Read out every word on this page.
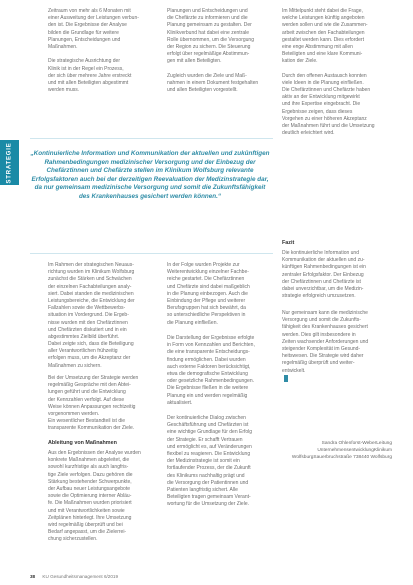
STRATEGIE
Zeitraum von mehr als 6 Monaten mit
einer Ausweitung der Leistungen verbun-
den ist. Die Ergebnisse der Analyse
bilden die Grundlage für weitere
Planungen, Entscheidungen und
Maßnahmen.

Die strategische Ausrichtung der
Klinik ist in der Regel ein Prozess,
der sich über mehrere Jahre erstreckt
und mit allen Beteiligten abgestimmt
werden muss.
Planungen und Entscheidungen und
die Chefärzte zu informieren und die
Planung gemeinsam zu gestalten. Der
Klinikverbund hat dabei eine zentrale
Rolle übernommen, um die Versorgung
der Region zu sichern. Die Steuerung
erfolgt über regelmäßige Abstimmun-
gen mit allen Beteiligten.

Zugleich wurden die Ziele und Maß-
nahmen in einem Dokument festgehalten
und allen Beteiligten vorgestellt.
Im Mittelpunkt steht dabei die Frage,
welche Leistungen künftig angeboten
werden sollen und wie die Zusammen-
arbeit zwischen den Fachabteilungen
gestaltet werden kann. Dies erfordert
eine enge Abstimmung mit allen
Beteiligten und eine klare Kommuni-
kation der Ziele.

Durch den offenen Austausch konnten
viele Ideen in die Planung einfließen.
Die Chefärztinnen und Chefärzte haben
aktiv an der Entwicklung mitgewirkt
und ihre Expertise eingebracht. Die
Ergebnisse zeigen, dass dieses
Vorgehen zu einer höheren Akzeptanz
der Maßnahmen führt und die Umsetzung
deutlich erleichtert wird.
„Kontinuierliche Information und Kommunikation der aktuellen und zukünftigen Rahmenbedingungen medizinischer Versorgung und der Einbezug der Chefärztinnen und Chefärzte stellen im Klinikum Wolfsburg relevante Erfolgsfaktoren auch bei der derzeitigen Reevaluation der Medizinstrategie dar, da nur gemeinsam medizinische Versorgung und somit die Zukunftsfähigkeit des Krankenhauses gesichert werden können.“
Im Rahmen der strategischen Neuaus-
richtung wurden im Klinikum Wolfsburg
zunächst die Stärken und Schwächen
der einzelnen Fachabteilungen analy-
siert. Dabei standen die medizinischen
Leistungsbereiche, die Entwicklung der
Fallzahlen sowie die Wettbewerbs-
situation im Vordergrund. Die Ergeb-
nisse wurden mit den Chefärztinnen
und Chefärzten diskutiert und in ein
abgestimmtes Zielbild überführt.
Dabei zeigte sich, dass die Beteiligung
aller Verantwortlichen frühzeitig
erfolgen muss, um die Akzeptanz der
Maßnahmen zu sichern.
Bei der Umsetzung der Strategie werden
regelmäßig Gespräche mit den Abtei-
lungen geführt und die Entwicklung
der Kennzahlen verfolgt. Auf diese
Weise können Anpassungen rechtzeitig
vorgenommen werden.
Ein wesentlicher Bestandteil ist die
transparente Kommunikation der Ziele.
Ableitung von Maßnahmen
Aus den Ergebnissen der Analyse wurden
konkrete Maßnahmen abgeleitet, die
sowohl kurzfristige als auch langfris-
tige Ziele verfolgen. Dazu gehören die
Stärkung bestehender Schwerpunkte,
der Aufbau neuer Leistungsangebote
sowie die Optimierung interner Abläu-
fe. Die Maßnahmen wurden priorisiert
und mit Verantwortlichkeiten sowie
Zeitplänen hinterlegt. Ihre Umsetzung
wird regelmäßig überprüft und bei
Bedarf angepasst, um die Zielerrei-
chung sicherzustellen.
In der Folge wurden Projekte zur
Weiterentwicklung einzelner Fachbe-
reiche gestartet. Die Chefärztinnen
und Chefärzte sind dabei maßgeblich
in die Planung einbezogen. Auch die
Einbindung der Pflege und weiterer
Berufsgruppen hat sich bewährt, da
so unterschiedliche Perspektiven in
die Planung einfließen.
Die Darstellung der Ergebnisse erfolgte
in Form von Kennzahlen und Berichten,
die eine transparente Entscheidungs-
findung ermöglichen. Dabei wurden
auch externe Faktoren berücksichtigt,
etwa die demografische Entwicklung
oder gesetzliche Rahmenbedingungen.
Die Ergebnisse fließen in die weitere
Planung ein und werden regelmäßig
aktualisiert.
Der kontinuierliche Dialog zwischen
Geschäftsführung und Chefärzten ist
eine wichtige Grundlage für den Erfolg
der Strategie. Er schafft Vertrauen
und ermöglicht es, auf Veränderungen
flexibel zu reagieren. Die Entwicklung
der Medizinstrategie ist somit ein
fortlaufender Prozess, der die Zukunft
des Klinikums nachhaltig prägt und
die Versorgung der Patientinnen und
Patienten langfristig sichert. Alle
Beteiligten tragen gemeinsam Verant-
wortung für die Umsetzung der Ziele.
Fazit
Die kontinuierliche Information und
Kommunikation der aktuellen und zu-
künftigen Rahmenbedingungen ist ein
zentraler Erfolgsfaktor. Der Einbezug
der Chefärztinnen und Chefärzte ist
dabei unverzichtbar, um die Medizin-
strategie erfolgreich umzusetzen.
Nur gemeinsam kann die medizinische
Versorgung und somit die Zukunfts-
fähigkeit des Krankenhauses gesichert
werden. Dies gilt insbesondere in
Zeiten wachsender Anforderungen und
steigender Komplexität im Gesund-
heitswesen. Die Strategie wird daher
regelmäßig überprüft und weiter-
entwickelt.
Sandra Ohlenforst-WeberLeitung UnternehmensentwicklungKlinikum WolfsburgSauerbruchstraße 738440 Wolfsburg
38 KU Gesundheitsmanagement 6/2019
